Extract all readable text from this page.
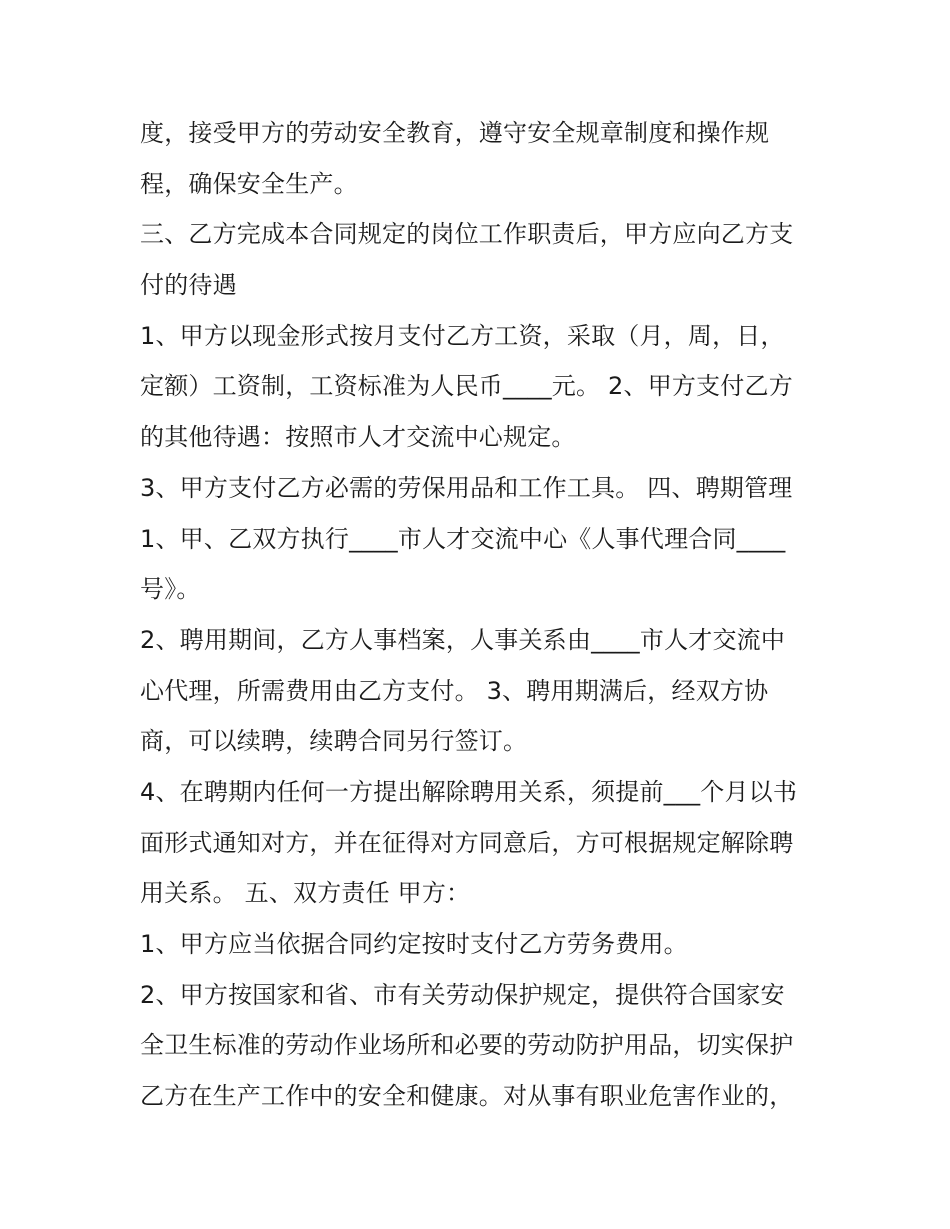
度，接受甲方的劳动安全教育，遵守安全规章制度和操作规
程，确保安全生产。
三、乙方完成本合同规定的岗位工作职责后，甲方应向乙方支
付的待遇
1、甲方以现金形式按月支付乙方工资，采取（月，周，日，
定额）工资制，工资标准为人民币____元。 2、甲方支付乙方
的其他待遇：按照市人才交流中心规定。
3、甲方支付乙方必需的劳保用品和工作工具。 四、聘期管理
1、甲、乙双方执行____市人才交流中心《人事代理合同____
号》。
2、聘用期间，乙方人事档案，人事关系由____市人才交流中
心代理，所需费用由乙方支付。 3、聘用期满后，经双方协
商，可以续聘，续聘合同另行签订。
4、在聘期内任何一方提出解除聘用关系，须提前___个月以书
面形式通知对方，并在征得对方同意后，方可根据规定解除聘
用关系。 五、双方责任 甲方：
1、甲方应当依据合同约定按时支付乙方劳务费用。
2、甲方按国家和省、市有关劳动保护规定，提供符合国家安
全卫生标准的劳动作业场所和必要的劳动防护用品，切实保护
乙方在生产工作中的安全和健康。对从事有职业危害作业的，
